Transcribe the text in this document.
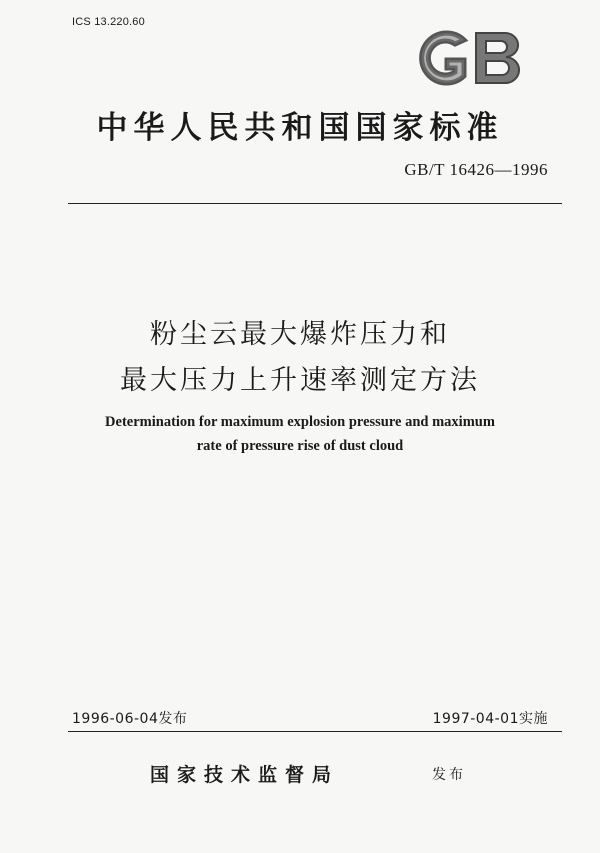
ICS 13.220.60
中华人民共和国国家标准
GB/T 16426—1996
粉尘云最大爆炸压力和
最大压力上升速率测定方法
Determination for maximum explosion pressure and maximum
rate of pressure rise of dust cloud
1996-06-04发布	1997-04-01实施
国家技术监督局	发布
